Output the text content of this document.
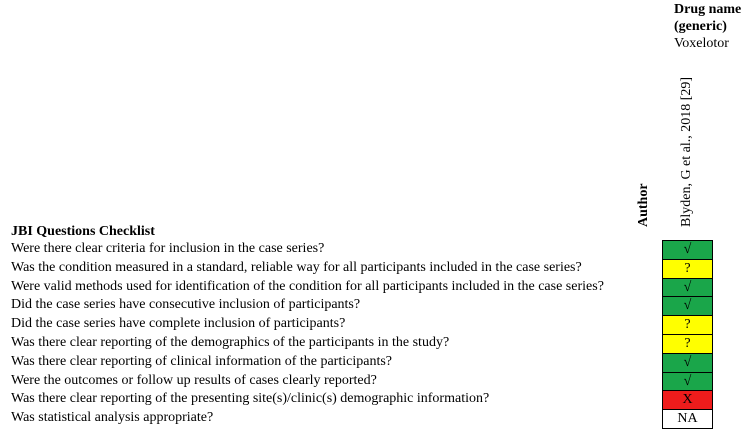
Drug name
(generic)
Voxelotor
Author Blyden, G et al., 2018 [29]
JBI Questions Checklist
Were there clear criteria for inclusion in the case series?
Was the condition measured in a standard, reliable way for all participants included in the case series?
Were valid methods used for identification of the condition for all participants included in the case series?
Did the case series have consecutive inclusion of participants?
Did the case series have complete inclusion of participants?
Was there clear reporting of the demographics of the participants in the study?
Was there clear reporting of clinical information of the participants?
Were the outcomes or follow up results of cases clearly reported?
Was there clear reporting of the presenting site(s)/clinic(s) demographic information?
Was statistical analysis appropriate?
√
?
√
√
?
?
√
√
X
NA
